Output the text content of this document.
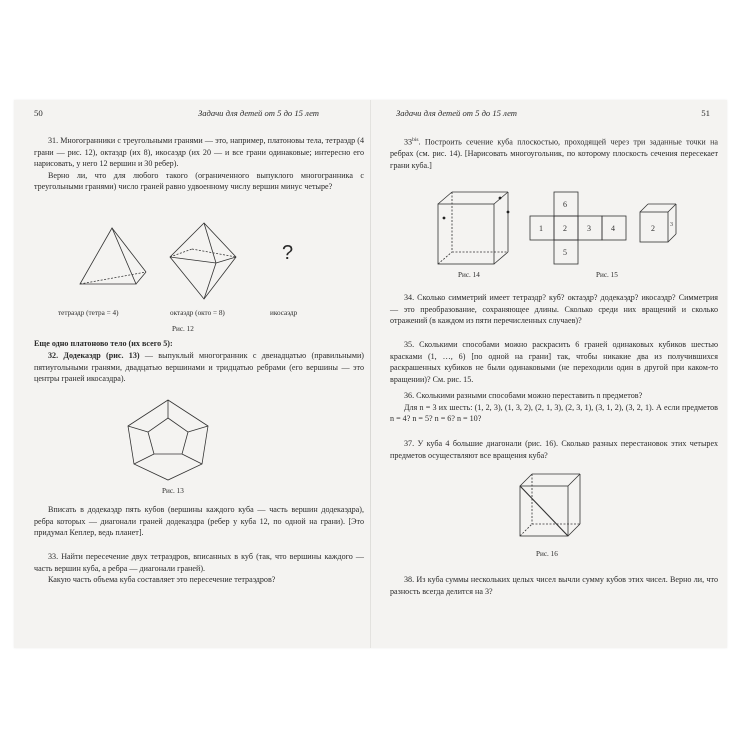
50	Задачи для детей от 5 до 15 лет

31. Многогранники с треугольными гранями — это, например, платоновы тела, тетраэдр (4 грани — рис. 12), октаэдр (их 8), икосаэдр (их 20 — и все грани одинаковые; интересно его нарисовать, у него 12 вершин и 30 ребер).

Верно ли, что для любого такого (ограниченного выпуклого многогранника с треугольными гранями) число граней равно удвоенному числу вершин минус четыре?

?
тетраэдр (тетра = 4)	октаэдр (окто = 8)	икосаэдр
Рис. 12
Еще одно платоново тело (их всего 5):

32. Додекаэдр (рис. 13) — выпуклый многогранник с двенадцатью (правильными) пятиугольными гранями, двадцатью вершинами и тридцатью ребрами (его вершины — это центры граней икосаэдра).

Рис. 13

Вписать в додекаэдр пять кубов (вершины каждого куба — часть вершин додекаэдра), ребра которых — диагонали граней додекаэдра (ребер у куба 12, по одной на грани). [Это придумал Кеплер, ведь планет].

33. Найти пересечение двух тетраэдров, вписанных в куб (так, что вершины каждого — часть вершин куба, а ребра — диагонали граней).

Какую часть объема куба составляет это пересечение тетраэдров?

Задачи для детей от 5 до 15 лет	51

$33^{bis}$. Построить сечение куба плоскостью, проходящей через три заданные точки на ребрах (см. рис. 14). [Нарисовать многоугольник, по которому плоскость сечения пересекает грани куба.]

Рис. 14
6
1	2	3	4
5
Рис. 15
2	3

34. Сколько симметрий имеет тетраэдр? куб? октаэдр? додекаэдр? икосаэдр? Симметрия — это преобразование, сохраняющее длины. Сколько среди них вращений и сколько отражений (в каждом из пяти перечисленных случаев)?

35. Сколькими способами можно раскрасить 6 граней одинаковых кубиков шестью красками (1, …, 6) [по одной на грани] так, чтобы никакие два из получившихся раскрашенных кубиков не были одинаковыми (не переходили один в другой при каком-то вращении)? См. рис. 15.

36. Сколькими разными способами можно переставить n предметов?

Для n = 3 их шесть: (1, 2, 3), (1, 3, 2), (2, 1, 3), (2, 3, 1), (3, 1, 2), (3, 2, 1). А если предметов n = 4? n = 5? n = 6? n = 10?

37. У куба 4 большие диагонали (рис. 16). Сколько разных перестановок этих четырех предметов осуществляют все вращения куба?

Рис. 16

38. Из куба суммы нескольких целых чисел вычли сумму кубов этих чисел. Верно ли, что разность всегда делится на 3?
